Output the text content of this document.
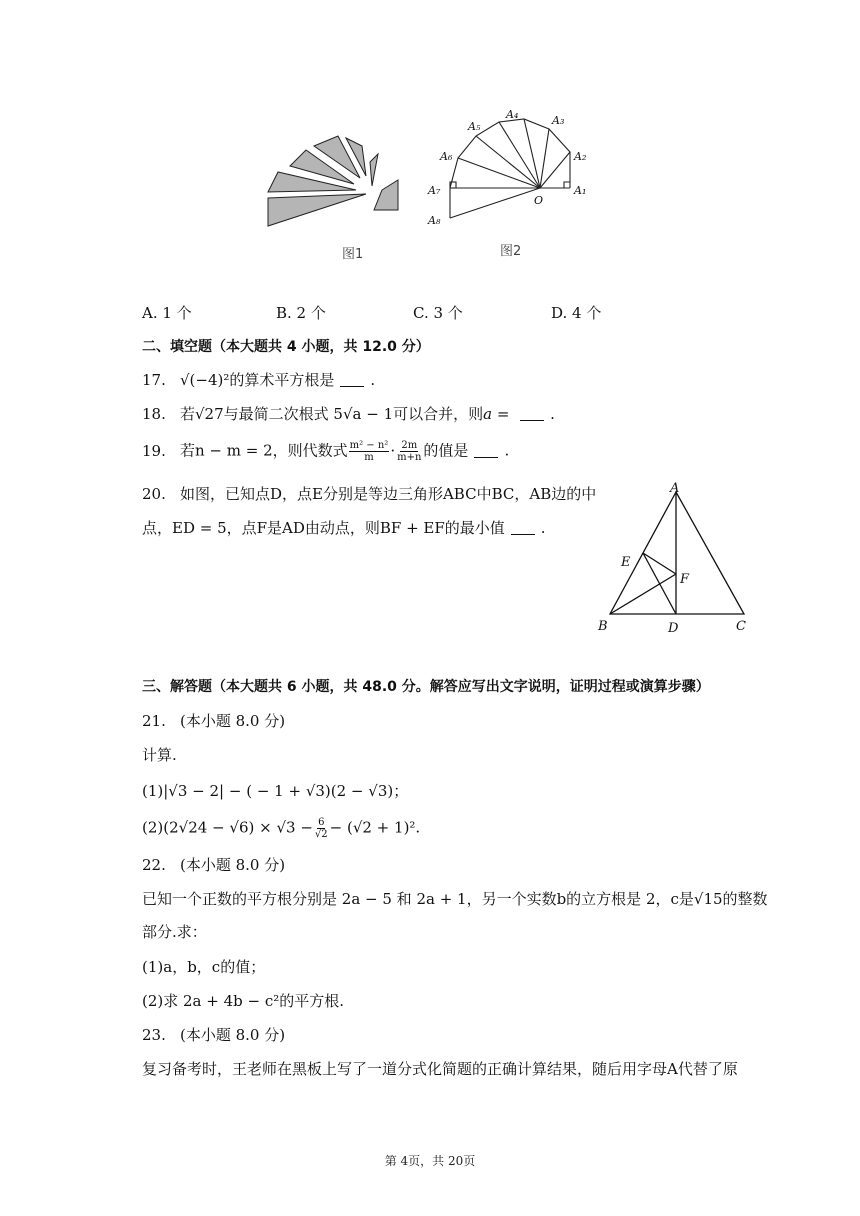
图1
A₁
A₂
A₃
A₄
A₅
A₆
A₇
A₈
O
图2
A. 1 个	B. 2 个	C. 3 个	D. 4 个
二、填空题（本大题共 4 小题，共 12.0 分）
17. √(−4)²的算术平方根是 .
18. 若√27与最简二次根式 5√a − 1可以合并，则a = .
19. 若n − m = 2，则代数式 $\frac{\text{m² − n²}}{m} \cdot \frac{2m}{m+n}$ 的值是 .
20. 如图，已知点D，点E分别是等边三角形ABC中BC，AB边的中
点，ED = 5，点F是AD由动点，则BF + EF的最小值 .
A
E
F
B	D	C
三、解答题（本大题共 6 小题，共 48.0 分。解答应写出文字说明，证明过程或演算步骤）
21. (本小题 8.0 分)
计算.
(1)|√3 − 2| − ( − 1 + √3)(2 − √3)；
$(2)(2√24 - √6) \times √3 - \frac{6}{√2} - (√2 + 1)^2$.
22. (本小题 8.0 分)
已知一个正数的平方根分别是 2a − 5 和 2a + 1，另一个实数b的立方根是 2，c是√15的整数
部分.求：
(1)a，b，c的值；
(2)求 2a + 4b − c²的平方根.
23. (本小题 8.0 分)
复习备考时，王老师在黑板上写了一道分式化简题的正确计算结果，随后用字母A代替了原
第 4页，共 20页
